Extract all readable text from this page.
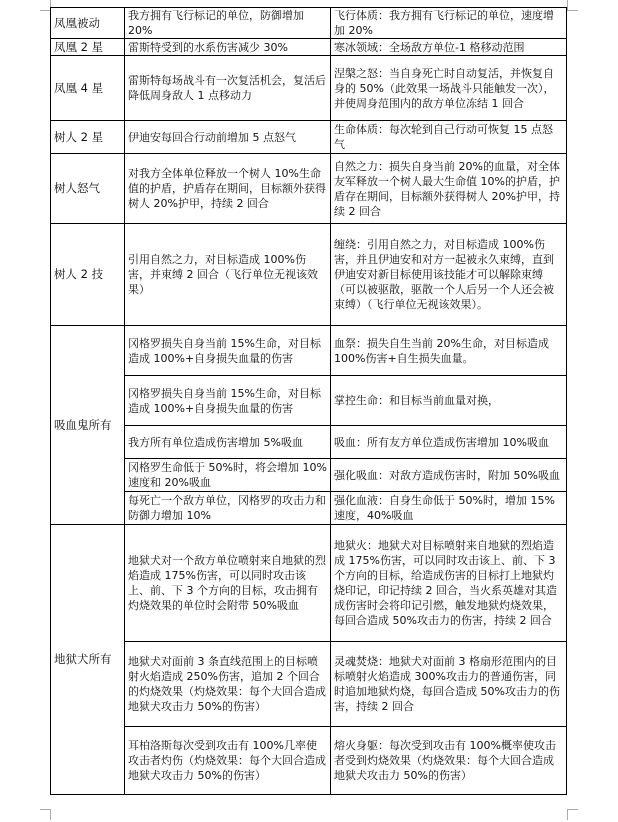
凤凰被动	我方拥有飞行标记的单位，防御增加 20%	飞行体质：我方拥有飞行标记的单位，速度增加 20%
凤凰 2 星	雷斯特受到的水系伤害减少 30%	寒冰领域：全场敌方单位-1 格移动范围
凤凰 4 星	雷斯特每场战斗有一次复活机会，复活后降低周身敌人 1 点移动力	涅槃之怒：当自身死亡时自动复活，并恢复自身的 50%（此效果一场战斗只能触发一次），并使周身范围内的敌方单位冻结 1 回合
树人 2 星	伊迪安每回合行动前增加 5 点怒气	生命体质：每次轮到自己行动可恢复 15 点怒气
树人怒气	对我方全体单位释放一个树人 10%生命值的护盾，护盾存在期间，目标额外获得树人 20%护甲，持续 2 回合	自然之力：损失自身当前 20%的血量，对全体友军释放一个树人最大生命值 10%的护盾，护盾存在期间，目标额外获得树人 20%护甲，持续 2 回合
树人 2 技	引用自然之力，对目标造成 100%伤害，并束缚 2 回合（飞行单位无视该效果）	缠绕：引用自然之力，对目标造成 100%伤害，并且伊迪安和对方一起被永久束缚，直到伊迪安对新目标使用该技能才可以解除束缚（可以被驱散，驱散一个人后另一个人还会被束缚）（飞行单位无视该效果）。
吸血鬼所有	冈格罗损失自身当前 15%生命，对目标造成 100%+自身损失血量的伤害	血祭：损失自生当前 20%生命，对目标造成 100%伤害+自生损失血量。
	冈格罗损失自身当前 15%生命，对目标造成 100%+自身损失血量的伤害	掌控生命：和目标当前血量对换，
	我方所有单位造成伤害增加 5%吸血	吸血：所有友方单位造成伤害增加 10%吸血
	冈格罗生命低于 50%时，将会增加 10%速度和 20%吸血	强化吸血：对敌方造成伤害时，附加 50%吸血
	每死亡一个敌方单位，冈格罗的攻击力和防御力增加 10%	强化血液：自身生命低于 50%时，增加 15%速度，40%吸血
地狱犬所有	地狱犬对一个敌方单位喷射来自地狱的烈焰造成 175%伤害，可以同时攻击该上、前、下 3 个方向的目标，攻击拥有灼烧效果的单位时会附带 50%吸血	地狱火：地狱犬对目标喷射来自地狱的烈焰造成 175%伤害，可以同时攻击该上、前、下 3 个方向的目标，给造成伤害的目标打上地狱灼烧印记，印记持续 2 回合，当火系英雄对其造成伤害时会将印记引燃，触发地狱灼烧效果，每回合造成 50%攻击力的伤害，持续 2 回合
	地狱犬对面前 3 条直线范围上的目标喷射火焰造成 250%伤害，追加 2 个回合的灼烧效果（灼烧效果：每个大回合造成地狱犬攻击力 50%的伤害）	灵魂焚烧：地狱犬对面前 3 格扇形范围内的目标喷射火焰造成 300%攻击力的普通伤害，同时追加地狱灼烧，每回合造成 50%攻击力的伤害，持续 2 回合
	耳柏洛斯每次受到攻击有 100%几率使攻击者灼伤（灼烧效果：每个大回合造成地狱犬攻击力 50%的伤害）	熔火身躯：每次受到攻击有 100%概率使攻击者受到灼烧效果（灼烧效果：每个大回合造成地狱犬攻击力 50%的伤害）
